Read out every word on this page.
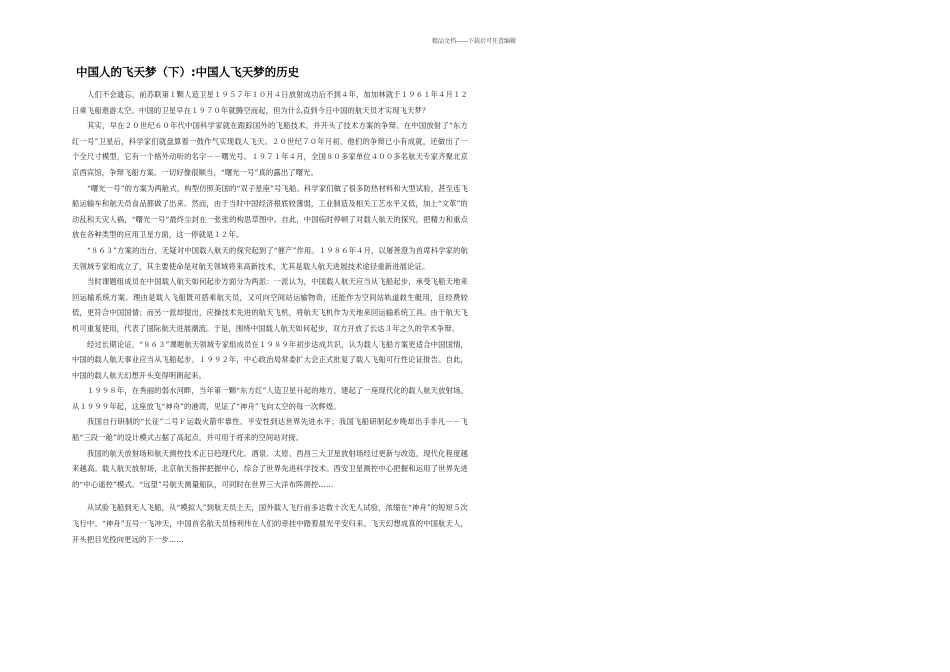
精品文档——下载后可任意编辑
中国人的飞天梦（下）:中国人飞天梦的历史

人们不会遗忘，前苏联第１颗人造卫星１９５７年１０月４日放射成功后不到４年，加加林就于１９６１年４月１２日乘飞船遨游太空。中国的卫星早在１９７０年就腾空而起，但为什么直到今日中国的航天员才实现飞天梦？

其实，早在２０世纪６０年代中国科学家就在跟踪国外的飞船技术，并开头了技术方案的争辩。在中国放射了“东方红一号”卫星后，科学家们就盘算着一鼓作气实现载人飞天。２０世纪７０年月初，他们的争辩已小有成就，还做出了一个全尺寸模型，它有一个格外动听的名字－－曙光号。１９７１年４月，全国８０多家单位４００多名航天专家齐聚北京京西宾馆，争辩飞船方案。一切好像很顺当，“曙光一号”真的露出了曙光。

“曙光一号”的方案为两舱式，构型仿照美国的“双子星座”号飞船。科学家们做了很多防热材料和大型试验，甚至连飞船运输车和航天员食品都做了出来。然而，由于当时中国经济根底较薄弱，工业制造及相关工艺水平又低，加上“文革”的动乱和天灾人祸，“曙光一号”最终尘封在一张张的构思草图中。自此，中国临时停顿了对载人航天的探究，把精力和重点放在各种类型的应用卫星方面，这一停就是１２年。

“８６３”方案的出台，无疑对中国载人航天的探究起到了“催产”作用。１９８６年４月，以屠善澄为首席科学家的航天领域专家组成立了，其主要使命是对航天领域将来高新技术，尤其是载人航天进展技术途径重新进展论证。

当时课题组成员在中国载人航天如何起步方面分为两派：一派认为，中国载人航天应当从飞船起步，承受飞船天地来回运输系统方案。理由是载人飞船既可搭乘航天员，又可向空间站运输物资，还能作为空间站轨道救生艇用，且经费较低，更符合中国国情；而另一派却提出，应操技术先进的航天飞机，将航天飞机作为天地来回运输系统工具。由于航天飞机可重复使用，代表了国际航天进展潮流。于是，围绕中国载人航天如何起步，双方开放了长达３年之久的学术争辩。

经过长期论证，“８６３”课题航天领域专家组成员在１９８９年初步达成共识，认为载人飞船方案更适合中国国情，中国的载人航天事业应当从飞船起步。１９９２年，中心政治局常委扩大会正式批复了载人飞船可行性论证报告。自此，中国的载人航天幻想开头变得明朗起来。

１９９８年，在秀丽的弱水河畔，当年第一颗“东方红”人造卫星升起的地方，建起了一座现代化的载人航天放射场。从１９９９年起，这座放飞“神舟”的港湾，见证了“神舟”飞向太空的每一次辉煌。

我国自行研制的“长征”二号Ｆ运载火箭牢靠性、平安性到达世界先进水平；我国飞船研制起步晚却出手非凡－－飞船“三段一舱”的设计模式占据了高起点，并可用于将来的空间站对接。

我国的航天放射场和航天测控技术正日趋现代化。酒泉、太原、西昌三大卫星放射场经过更新与改造，现代化程度越来越高。载人航天放射场，北京航天指挥把握中心，综合了世界先进科学技术。西安卫星测控中心把握和运用了世界先进的“中心遥控”模式。“远望”号航天测量船队，可同时在世界三大洋布阵测控……

从试验飞船到无人飞船，从“模拟人”到航天员上天，国外载人飞行前多达数十次无人试验，浓缩在“神舟”的短短５次飞行中。“神舟”五号一飞冲天，中国首名航天员杨利伟在人们的牵挂中踏着晨光平安归来。飞天幻想成真的中国航天人，开头把目光投向更远的下一步……
